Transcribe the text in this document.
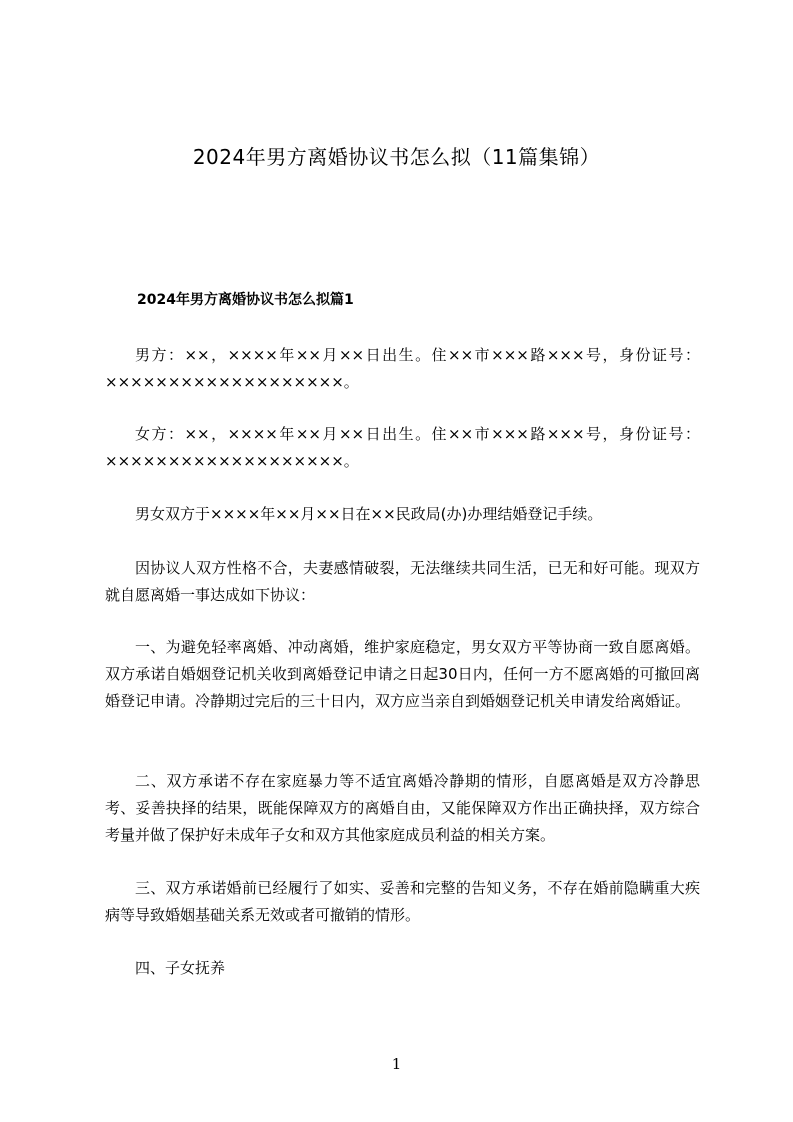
2024年男方离婚协议书怎么拟（11篇集锦）
2024年男方离婚协议书怎么拟篇1

男方：××，××××年××月××日出生。住××市×××路×××号，身份证号：×××××××××××××××××××。

女方：××，××××年××月××日出生。住××市×××路×××号，身份证号：×××××××××××××××××××。

男女双方于××××年××月××日在××民政局(办)办理结婚登记手续。

因协议人双方性格不合，夫妻感情破裂，无法继续共同生活，已无和好可能。现双方就自愿离婚一事达成如下协议：

一、为避免轻率离婚、冲动离婚，维护家庭稳定，男女双方平等协商一致自愿离婚。双方承诺自婚姻登记机关收到离婚登记申请之日起30日内，任何一方不愿离婚的可撤回离婚登记申请。冷静期过完后的三十日内，双方应当亲自到婚姻登记机关申请发给离婚证。

二、双方承诺不存在家庭暴力等不适宜离婚冷静期的情形，自愿离婚是双方冷静思考、妥善抉择的结果，既能保障双方的离婚自由，又能保障双方作出正确抉择，双方综合考量并做了保护好未成年子女和双方其他家庭成员利益的相关方案。

三、双方承诺婚前已经履行了如实、妥善和完整的告知义务，不存在婚前隐瞒重大疾病等导致婚姻基础关系无效或者可撤销的情形。

四、子女抚养

1
